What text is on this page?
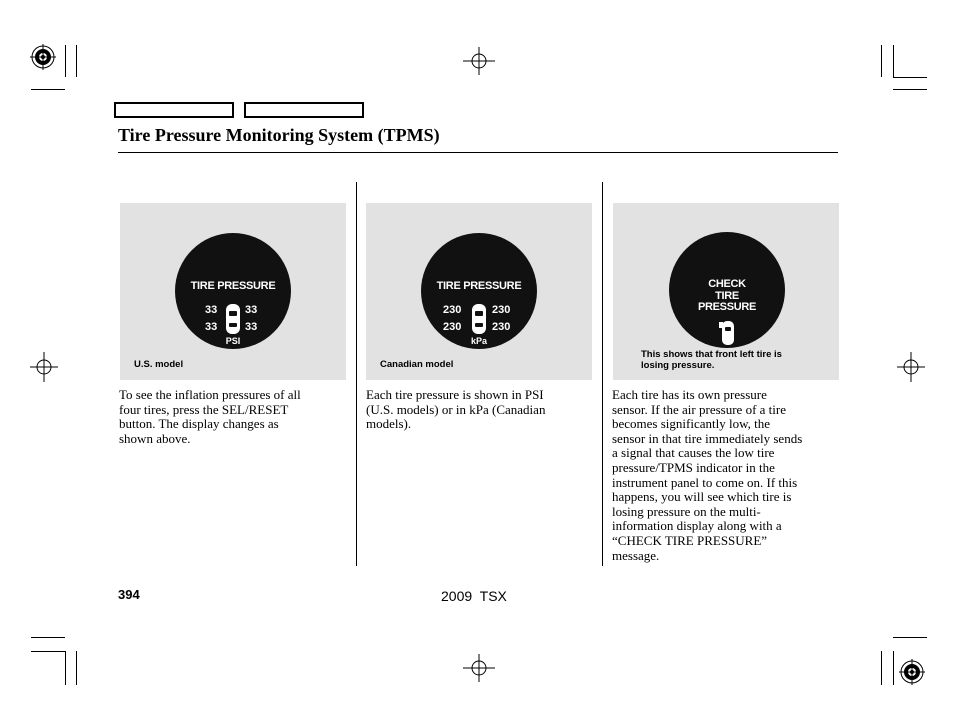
Tire Pressure Monitoring System (TPMS)
TIRE PRESSURE
33	33
33	33
PSI
U.S. model
TIRE PRESSURE
230	230
230	230
kPa
Canadian model
CHECK
TIRE
PRESSURE
This shows that front left tire is
losing pressure.
To see the inflation pressures of all
four tires, press the SEL/RESET
button. The display changes as
shown above.
Each tire pressure is shown in PSI
(U.S. models) or in kPa (Canadian
models).
Each tire has its own pressure
sensor. If the air pressure of a tire
becomes significantly low, the
sensor in that tire immediately sends
a signal that causes the low tire
pressure/TPMS indicator in the
instrument panel to come on. If this
happens, you will see which tire is
losing pressure on the multi-
information display along with a
“CHECK TIRE PRESSURE”
message.
394	2009  TSX
